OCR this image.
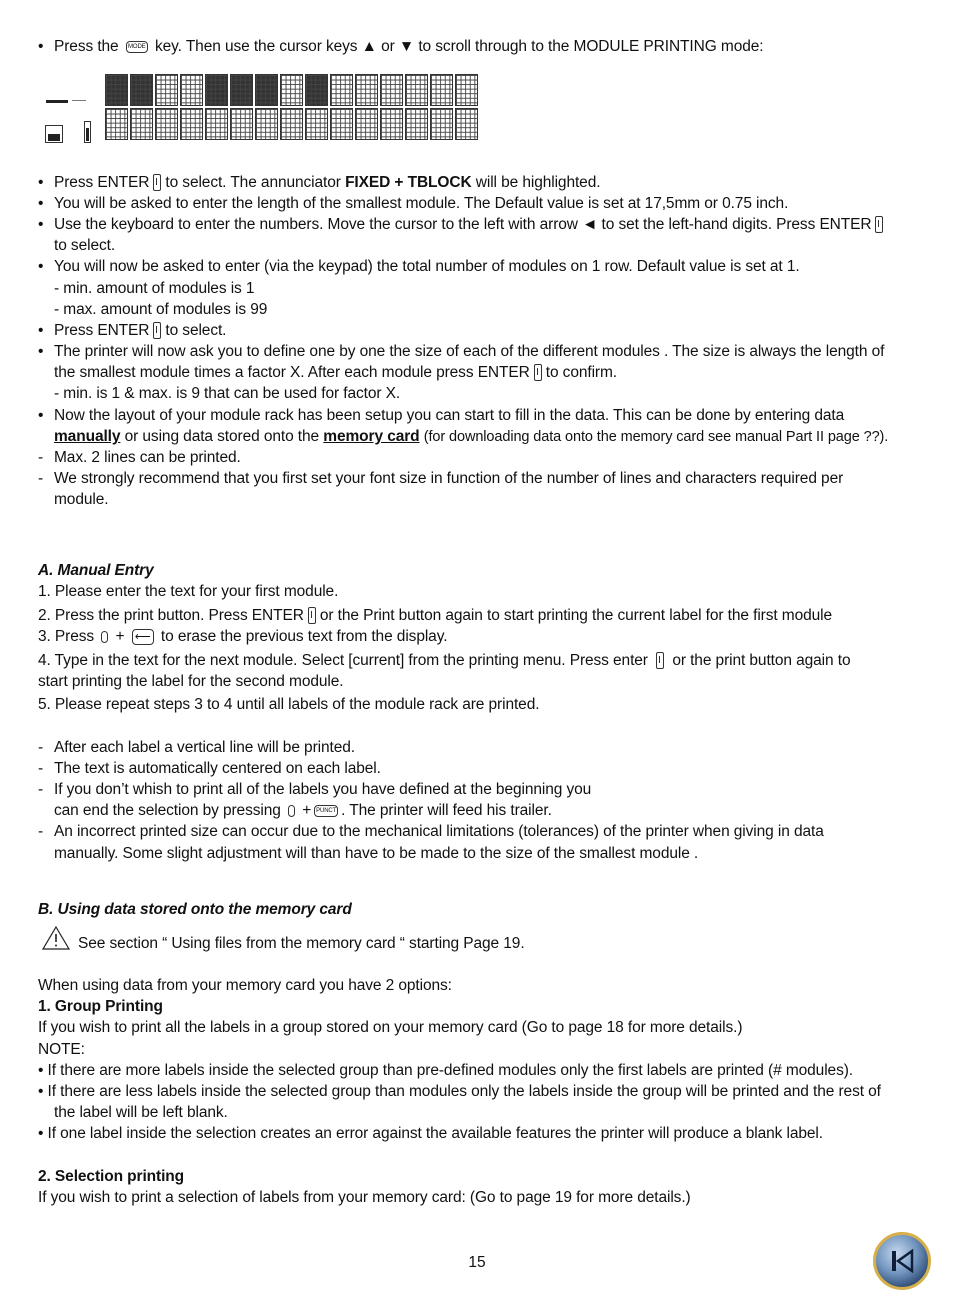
• Press the MODE key. Then use the cursor keys ▲ or ▼ to scroll through to the MODULE PRINTING mode:
• Press ENTER to select. The annunciator FIXED + TBLOCK will be highlighted.
• You will be asked to enter the length of the smallest module. The Default value is set at 17,5mm or 0.75 inch.
• Use the keyboard to enter the numbers. Move the cursor to the left with arrow ◄ to set the left-hand digits. Press ENTER
to select.
• You will now be asked to enter (via the keypad) the total number of modules on 1 row. Default value is set at 1.
- min. amount of modules is 1
- max. amount of modules is 99
• Press ENTER to select.
• The printer will now ask you to define one by one the size of each of the different modules . The size is always the length of
the smallest module times a factor X. After each module press ENTER to confirm.
- min. is 1 & max. is 9 that can be used for factor X.
• Now the layout of your module rack has been setup you can start to fill in the data. This can be done by entering data
manually or using data stored onto the memory card (for downloading data onto the memory card see manual Part II page ??).
- Max. 2 lines can be printed.
- We strongly recommend that you first set your font size in function of the number of lines and characters required per
module.
A. Manual Entry
1. Please enter the text for your first module.
2. Press the print button. Press ENTER or the Print button again to start printing the current label for the first module
3. Press + ⟵ to erase the previous text from the display.
4. Type in the text for the next module. Select [current] from the printing menu. Press enter or the print button again to
start printing the label for the second module.
5. Please repeat steps 3 to 4 until all labels of the module rack are printed.
- After each label a vertical line will be printed.
- The text is automatically centered on each label.
- If you don’t whish to print all of the labels you have defined at the beginning you
can end the selection by pressing + PUNCT . The printer will feed his trailer.
- An incorrect printed size can occur due to the mechanical limitations (tolerances) of the printer when giving in data
manually. Some slight adjustment will than have to be made to the size of the smallest module .
B. Using data stored onto the memory card
See section “ Using files from the memory card “ starting Page 19.
When using data from your memory card you have 2 options:
1. Group Printing
If you wish to print all the labels in a group stored on your memory card (Go to page 18 for more details.)
NOTE:
• If there are more labels inside the selected group than pre-defined modules only the first labels are printed (# modules).
• If there are less labels inside the selected group than modules only the labels inside the group will be printed and the rest of
the label will be left blank.
• If one label inside the selection creates an error against the available features the printer will produce a blank label.
2. Selection printing
If you wish to print a selection of labels from your memory card: (Go to page 19 for more details.)
15
